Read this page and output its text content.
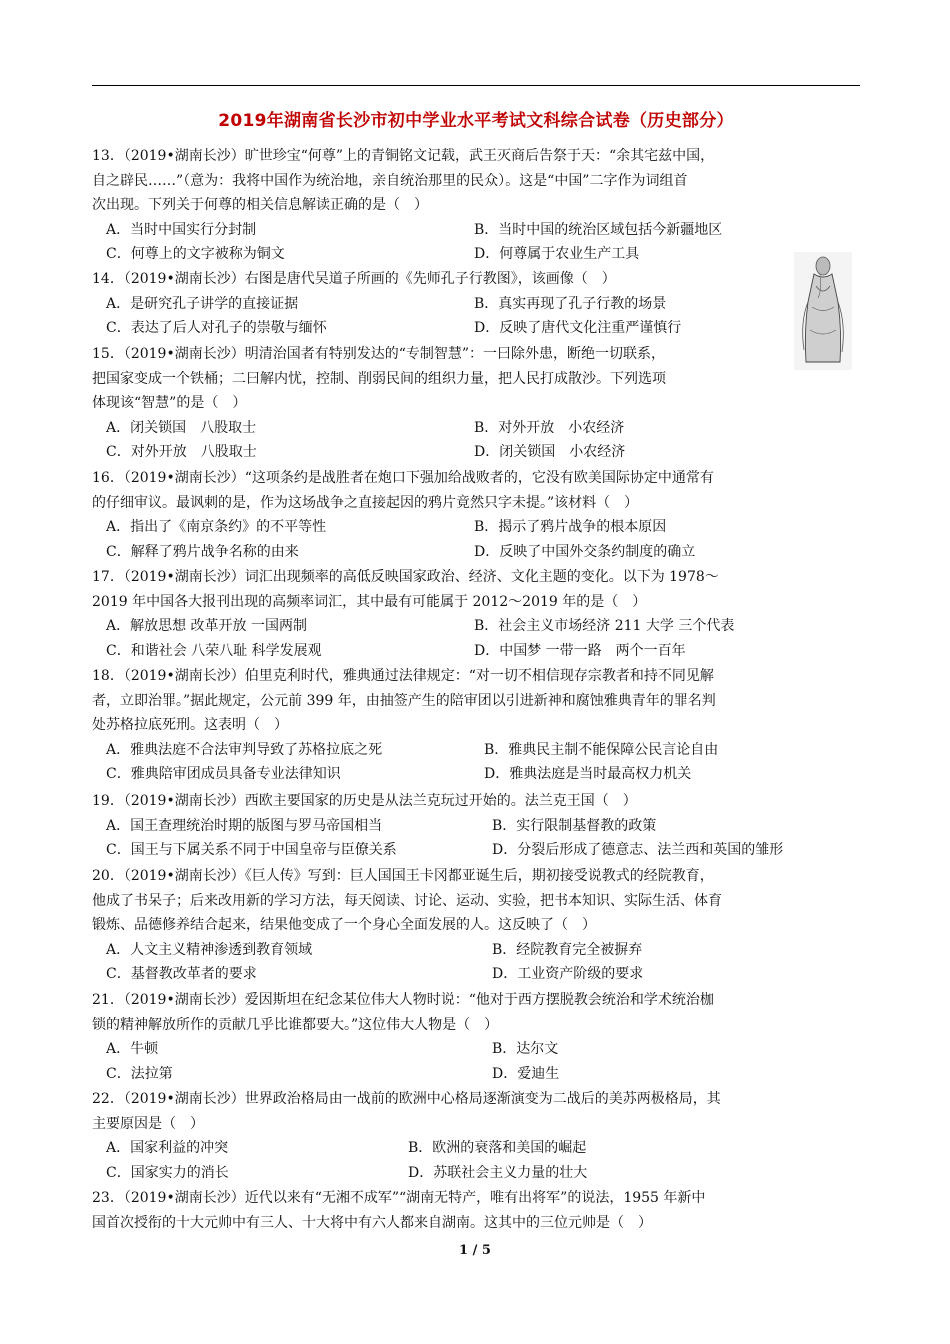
2019年湖南省长沙市初中学业水平考试文科综合试卷（历史部分）

13．（2019•湖南长沙）旷世珍宝“何尊”上的青铜铭文记载，武王灭商后告祭于天：“余其宅兹中国，

自之辟民……”（意为：我将中国作为统治地，亲自统治那里的民众）。这是“中国”二字作为词组首

次出现。下列关于何尊的相关信息解读正确的是（　）

A．当时中国实行分封制	B．当时中国的统治区域包括今新疆地区
C．何尊上的文字被称为铜文	D．何尊属于农业生产工具

14．（2019•湖南长沙）右图是唐代吴道子所画的《先师孔子行教图》，该画像（　）

A．是研究孔子讲学的直接证据	B．真实再现了孔子行教的场景
C．表达了后人对孔子的崇敬与缅怀	D．反映了唐代文化注重严谨慎行

15．（2019•湖南长沙）明清治国者有特别发达的“专制智慧”：一曰除外患，断绝一切联系，

把国家变成一个铁桶；二曰解内忧，控制、削弱民间的组织力量，把人民打成散沙。下列选项

体现该“智慧”的是（　）

A．闭关锁国　八股取士	B．对外开放　小农经济
C．对外开放　八股取士	D．闭关锁国　小农经济

16．（2019•湖南长沙）“这项条约是战胜者在炮口下强加给战败者的，它没有欧美国际协定中通常有

的仔细审议。最讽刺的是，作为这场战争之直接起因的鸦片竟然只字未提。”该材料（　）

A．指出了《南京条约》的不平等性	B．揭示了鸦片战争的根本原因
C．解释了鸦片战争名称的由来	D．反映了中国外交条约制度的确立

17．（2019•湖南长沙）词汇出现频率的高低反映国家政治、经济、文化主题的变化。以下为 1978～

2019 年中国各大报刊出现的高频率词汇，其中最有可能属于 2012～2019 年的是（　）

A．解放思想 改革开放 一国两制	B．社会主义市场经济 211 大学 三个代表
C．和谐社会 八荣八耻 科学发展观	D．中国梦 一带一路　两个一百年

18．（2019•湖南长沙）伯里克利时代，雅典通过法律规定：“对一切不相信现存宗教者和持不同见解

者，立即治罪。”据此规定，公元前 399 年，由抽签产生的陪审团以引进新神和腐蚀雅典青年的罪名判

处苏格拉底死刑。这表明（　）

A．雅典法庭不合法审判导致了苏格拉底之死	B．雅典民主制不能保障公民言论自由
C．雅典陪审团成员具备专业法律知识	D．雅典法庭是当时最高权力机关

19．（2019•湖南长沙）西欧主要国家的历史是从法兰克玩过开始的。法兰克王国（　）

A．国王查理统治时期的版图与罗马帝国相当	B．实行限制基督教的政策
C．国王与下属关系不同于中国皇帝与臣僚关系	D．分裂后形成了德意志、法兰西和英国的雏形

20．（2019•湖南长沙）《巨人传》写到：巨人国国王卡冈都亚诞生后，期初接受说教式的经院教育，

他成了书呆子；后来改用新的学习方法，每天阅读、讨论、运动、实验，把书本知识、实际生活、体育

锻炼、品德修养结合起来，结果他变成了一个身心全面发展的人。这反映了（　）

A．人文主义精神渗透到教育领域	B．经院教育完全被摒弃
C．基督教改革者的要求	D．工业资产阶级的要求

21．（2019•湖南长沙）爱因斯坦在纪念某位伟大人物时说：“他对于西方摆脱教会统治和学术统治枷

锁的精神解放所作的贡献几乎比谁都要大。”这位伟大人物是（　）

A．牛顿	B．达尔文
C．法拉第	D．爱迪生

22．（2019•湖南长沙）世界政治格局由一战前的欧洲中心格局逐渐演变为二战后的美苏两极格局，其

主要原因是（　）

A．国家利益的冲突	B．欧洲的衰落和美国的崛起
C．国家实力的消长	D．苏联社会主义力量的壮大

23．（2019•湖南长沙）近代以来有“无湘不成军”“湖南无特产，唯有出将军”的说法，1955 年新中

国首次授衔的十大元帅中有三人、十大将中有六人都来自湖南。这其中的三位元帅是（　）

1 / 5
